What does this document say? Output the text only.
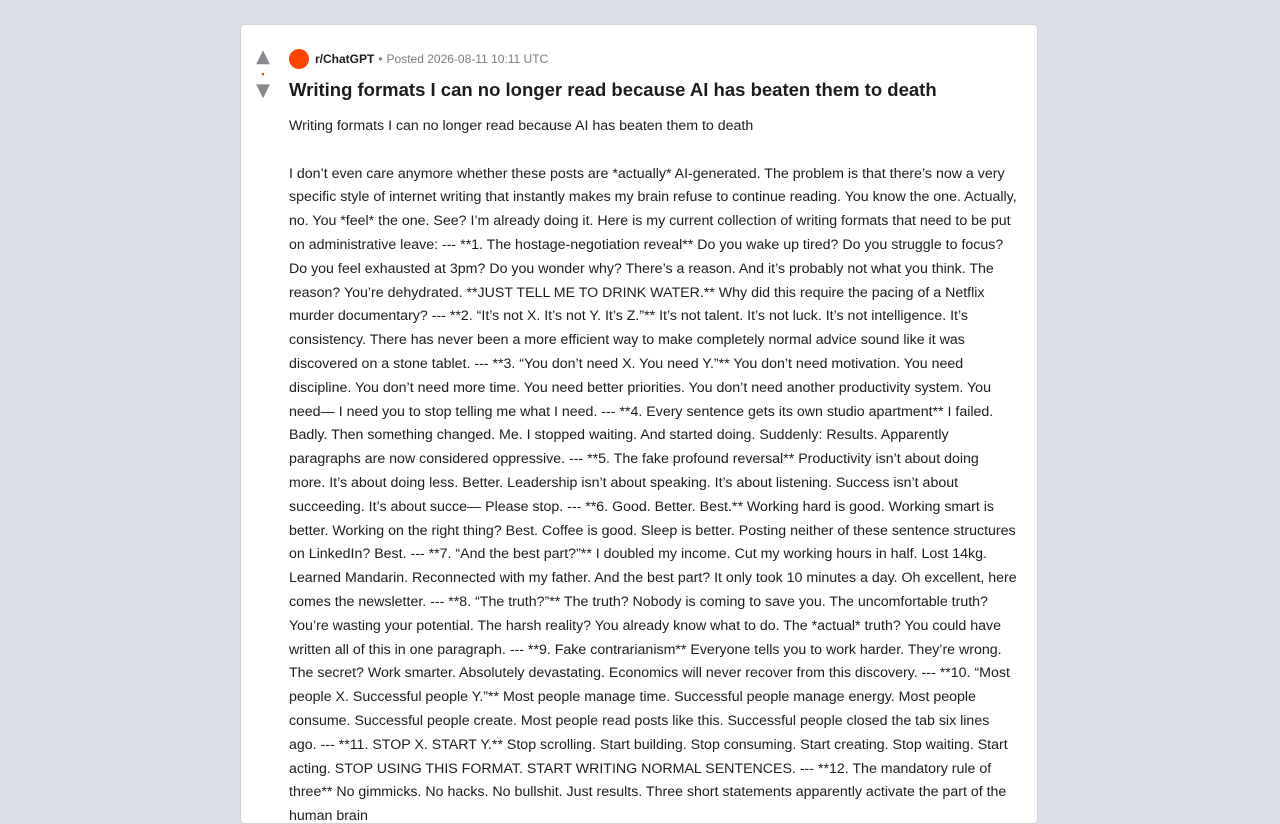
▲
•
▼
r/ChatGPT • Posted 2026-08-11 10:11 UTC
Writing formats I can no longer read because AI has beaten them to death
Writing formats I can no longer read because AI has beaten them to death

I don’t even care anymore whether these posts are *actually* AI-generated. The problem is that there’s now a very specific style of internet writing that instantly makes my brain refuse to continue reading. You know the one. Actually, no. You *feel* the one. See? I’m already doing it. Here is my current collection of writing formats that need to be put on administrative leave: --- **1. The hostage-negotiation reveal** Do you wake up tired? Do you struggle to focus? Do you feel exhausted at 3pm? Do you wonder why? There’s a reason. And it’s probably not what you think. The reason? You’re dehydrated. **JUST TELL ME TO DRINK WATER.** Why did this require the pacing of a Netflix murder documentary? --- **2. “It’s not X. It’s not Y. It’s Z.”** It’s not talent. It’s not luck. It’s not intelligence. It’s consistency. There has never been a more efficient way to make completely normal advice sound like it was discovered on a stone tablet. --- **3. “You don’t need X. You need Y.”** You don’t need motivation. You need discipline. You don’t need more time. You need better priorities. You don’t need another productivity system. You need— I need you to stop telling me what I need. --- **4. Every sentence gets its own studio apartment** I failed. Badly. Then something changed. Me. I stopped waiting. And started doing. Suddenly: Results. Apparently paragraphs are now considered oppressive. --- **5. The fake profound reversal** Productivity isn’t about doing more. It’s about doing less. Better. Leadership isn’t about speaking. It’s about listening. Success isn’t about succeeding. It’s about succe— Please stop. --- **6. Good. Better. Best.** Working hard is good. Working smart is better. Working on the right thing? Best. Coffee is good. Sleep is better. Posting neither of these sentence structures on LinkedIn? Best. --- **7. “And the best part?”** I doubled my income. Cut my working hours in half. Lost 14kg. Learned Mandarin. Reconnected with my father. And the best part? It only took 10 minutes a day. Oh excellent, here comes the newsletter. --- **8. “The truth?”** The truth? Nobody is coming to save you. The uncomfortable truth? You’re wasting your potential. The harsh reality? You already know what to do. The *actual* truth? You could have written all of this in one paragraph. --- **9. Fake contrarianism** Everyone tells you to work harder. They’re wrong. The secret? Work smarter. Absolutely devastating. Economics will never recover from this discovery. --- **10. “Most people X. Successful people Y.”** Most people manage time. Successful people manage energy. Most people consume. Successful people create. Most people read posts like this. Successful people closed the tab six lines ago. --- **11. STOP X. START Y.** Stop scrolling. Start building. Stop consuming. Start creating. Stop waiting. Start acting. STOP USING THIS FORMAT. START WRITING NORMAL SENTENCES. --- **12. The mandatory rule of three** No gimmicks. No hacks. No bullshit. Just results. Three short statements apparently activate the part of the human brain
